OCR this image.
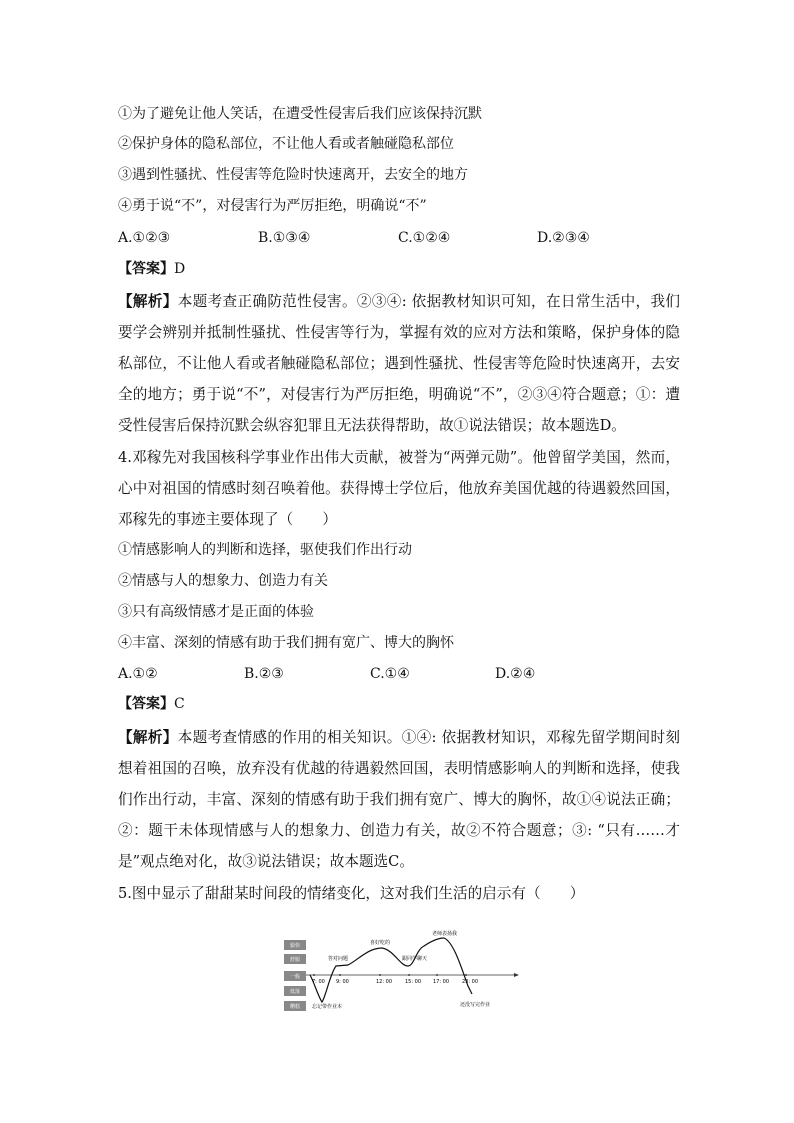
①为了避免让他人笑话，在遭受性侵害后我们应该保持沉默
②保护身体的隐私部位，不让他人看或者触碰隐私部位
③遇到性骚扰、性侵害等危险时快速离开，去安全的地方
④勇于说“不”，对侵害行为严厉拒绝，明确说“不”
A.①②③	B.①③④	C.①②④	D.②③④
【答案】D
【解析】本题考查正确防范性侵害。②③④: 依据教材知识可知，在日常生活中，我们要学会辨别并抵制性骚扰、性侵害等行为，掌握有效的应对方法和策略，保护身体的隐私部位，不让他人看或者触碰隐私部位；遇到性骚扰、性侵害等危险时快速离开，去安全的地方；勇于说“不”，对侵害行为严厉拒绝，明确说“不”，②③④符合题意；①：遭受性侵害后保持沉默会纵容犯罪且无法获得帮助，故①说法错误；故本题选D。
4.邓稼先对我国核科学事业作出伟大贡献，被誉为“两弹元勋”。他曾留学美国，然而，心中对祖国的情感时刻召唤着他。获得博士学位后，他放弃美国优越的待遇毅然回国，邓稼先的事迹主要体现了（　　）
①情感影响人的判断和选择，驱使我们作出行动
②情感与人的想象力、创造力有关
③只有高级情感才是正面的体验
④丰富、深刻的情感有助于我们拥有宽广、博大的胸怀
A.①②	B.②③	C.①④	D.②④
【答案】C
【解析】本题考查情感的作用的相关知识。①④: 依据教材知识，邓稼先留学期间时刻想着祖国的召唤，放弃没有优越的待遇毅然回国，表明情感影响人的判断和选择，使我们作出行动，丰富、深刻的情感有助于我们拥有宽广、博大的胸怀，故①④说法正确；②：题干未体现情感与人的想象力、创造力有关，故②不符合题意；③: “只有……才是”观点绝对化，故③说法错误；故本题选C。
5.图中显示了甜甜某时间段的情绪变化，这对我们生活的启示有（　　）
愉快
舒服
一般
低落
糟糕
7: 00 9: 00	12: 00	15: 00 17: 00	23: 00
忘记带作业本
答对问题
喜好吃的
跟同学聊天
老师表扬我
还没写完作业
